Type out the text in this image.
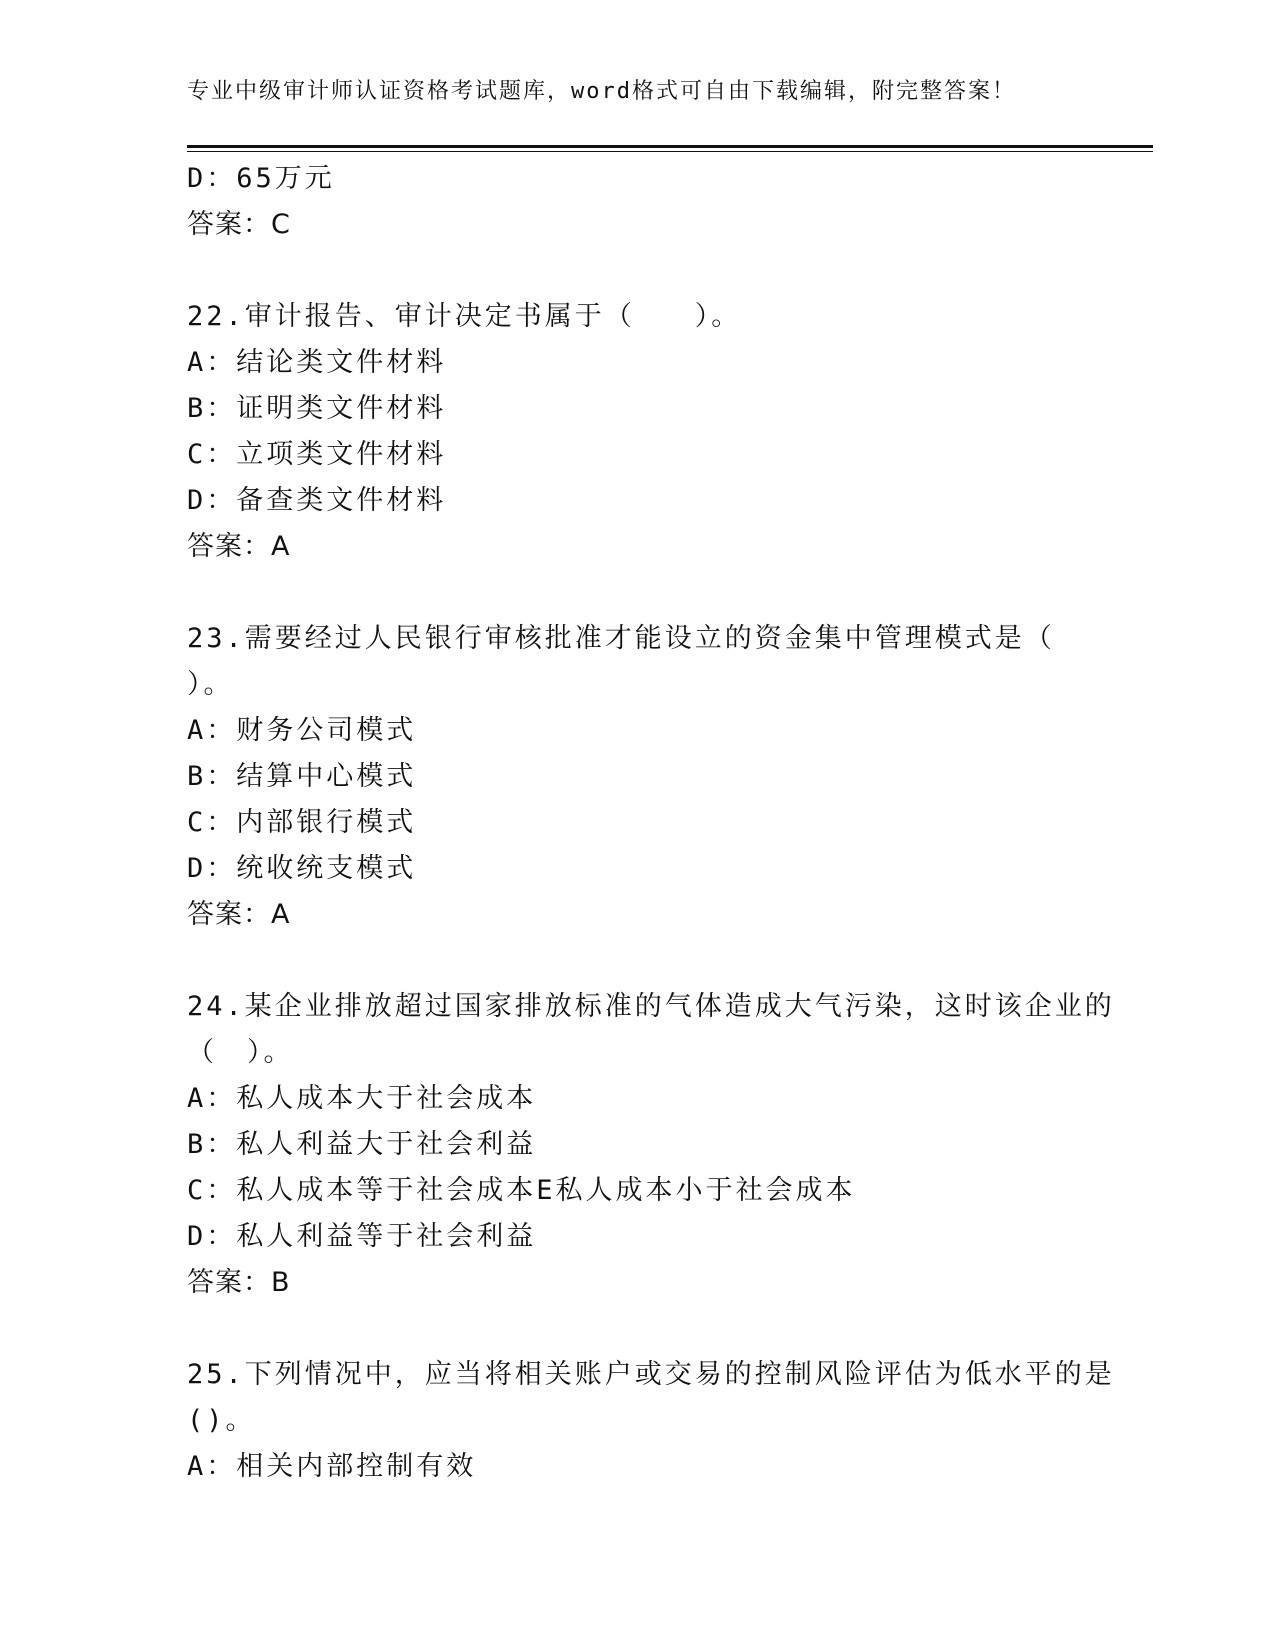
专业中级审计师认证资格考试题库，word格式可自由下载编辑，附完整答案！
D：65万元
答案：C
22.审计报告、审计决定书属于（　　）。
A：结论类文件材料
B：证明类文件材料
C：立项类文件材料
D：备查类文件材料
答案：A
23.需要经过人民银行审核批准才能设立的资金集中管理模式是（
）。
A：财务公司模式
B：结算中心模式
C：内部银行模式
D：统收统支模式
答案：A
24.某企业排放超过国家排放标准的气体造成大气污染，这时该企业的
（　）。
A：私人成本大于社会成本
B：私人利益大于社会利益
C：私人成本等于社会成本E私人成本小于社会成本
D：私人利益等于社会利益
答案：B
25.下列情况中，应当将相关账户或交易的控制风险评估为低水平的是
()。
A：相关内部控制有效
